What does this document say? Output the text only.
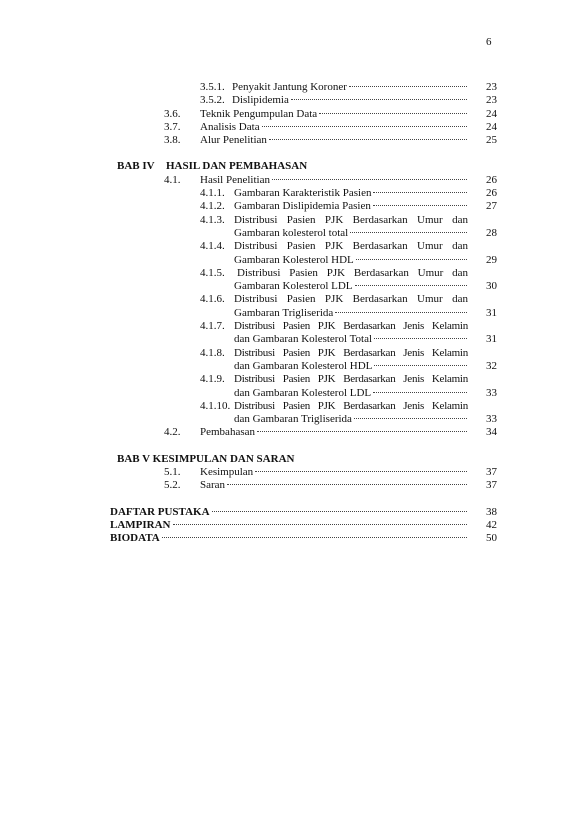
6
3.5.1. Penyakit Jantung Koroner	23
3.5.2. Dislipidemia	23
3.6. Teknik Pengumpulan Data	24
3.7. Analisis Data	24
3.8. Alur Penelitian	25
BAB IV HASIL DAN PEMBAHASAN
4.1. Hasil Penelitian	26
4.1.1. Gambaran Karakteristik Pasien	26
4.1.2. Gambaran Dislipidemia Pasien	27
4.1.3. Distribusi Pasien PJK Berdasarkan Umur dan
Gambaran kolesterol total	28
4.1.4. Distribusi Pasien PJK Berdasarkan Umur dan
Gambaran Kolesterol HDL	29
4.1.5. Distribusi Pasien PJK Berdasarkan Umur dan
Gambaran Kolesterol LDL	30
4.1.6. Distribusi Pasien PJK Berdasarkan Umur dan
Gambaran Trigliserida	31
4.1.7. Distribusi Pasien PJK Berdasarkan Jenis Kelamin
dan Gambaran Kolesterol Total	31
4.1.8. Distribusi Pasien PJK Berdasarkan Jenis Kelamin
dan Gambaran Kolesterol HDL	32
4.1.9. Distribusi Pasien PJK Berdasarkan Jenis Kelamin
dan Gambaran Kolesterol LDL	33
4.1.10. Distribusi Pasien PJK Berdasarkan Jenis Kelamin
dan Gambaran Trigliserida	33
4.2. Pembahasan	34
BAB V KESIMPULAN DAN SARAN
5.1. Kesimpulan	37
5.2. Saran	37
DAFTAR PUSTAKA	38
LAMPIRAN	42
BIODATA	50
